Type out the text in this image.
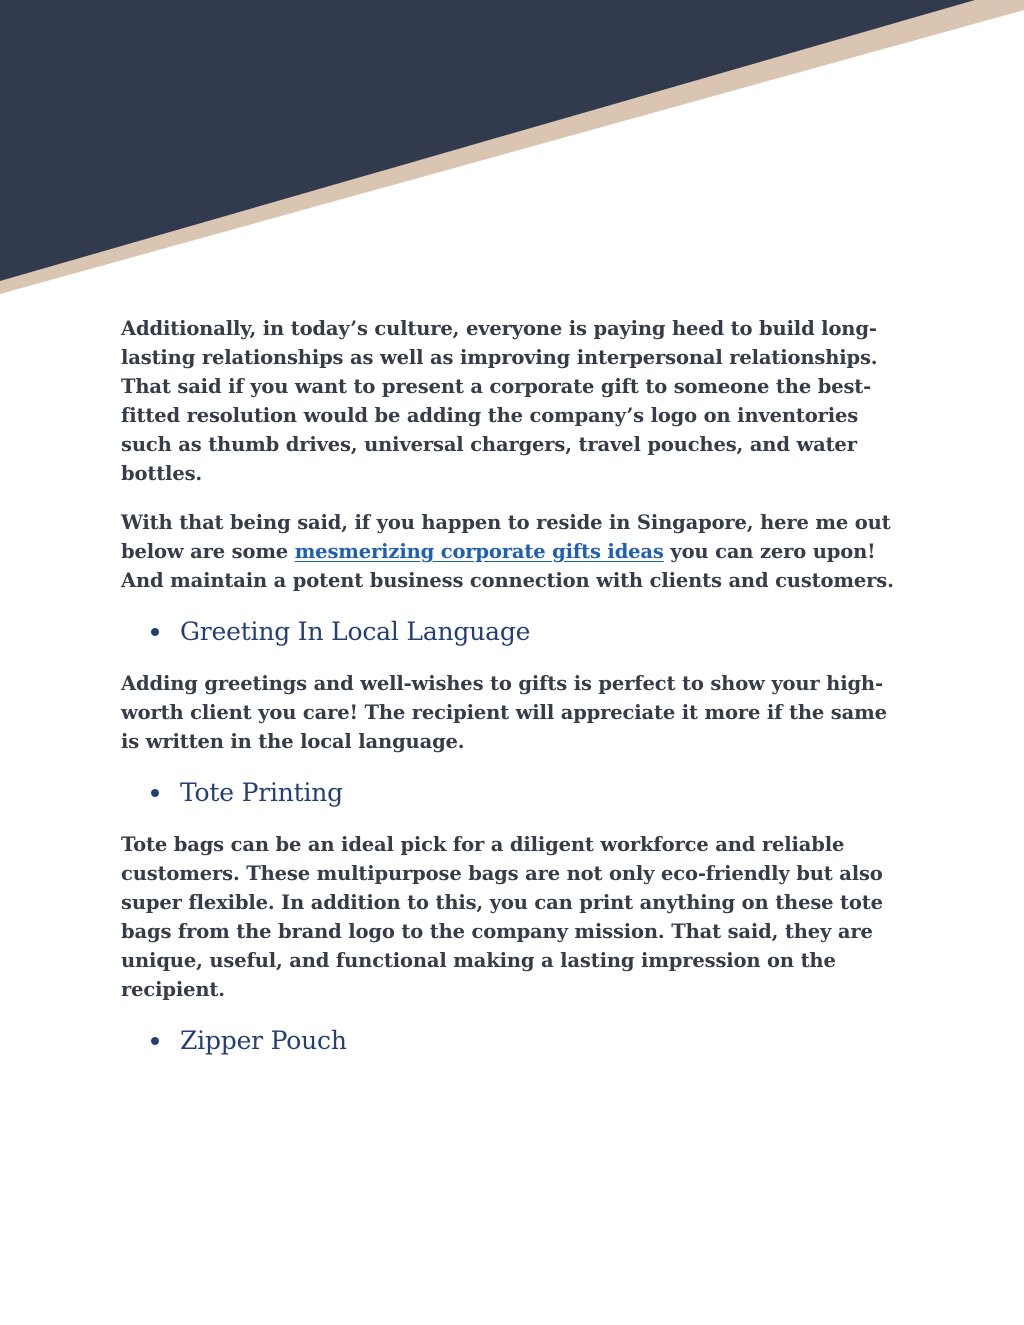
Additionally, in today’s culture, everyone is paying heed to build long-lasting relationships as well as improving interpersonal relationships. That said if you want to present a corporate gift to someone the best-fitted resolution would be adding the company’s logo on inventories such as thumb drives, universal chargers, travel pouches, and water bottles.

With that being said, if you happen to reside in Singapore, here me out below are some mesmerizing corporate gifts ideas you can zero upon! And maintain a potent business connection with clients and customers.

Greeting In Local Language

Adding greetings and well-wishes to gifts is perfect to show your high-worth client you care! The recipient will appreciate it more if the same is written in the local language.

Tote Printing

Tote bags can be an ideal pick for a diligent workforce and reliable customers. These multipurpose bags are not only eco-friendly but also super flexible. In addition to this, you can print anything on these tote bags from the brand logo to the company mission. That said, they are unique, useful, and functional making a lasting impression on the recipient.

Zipper Pouch
